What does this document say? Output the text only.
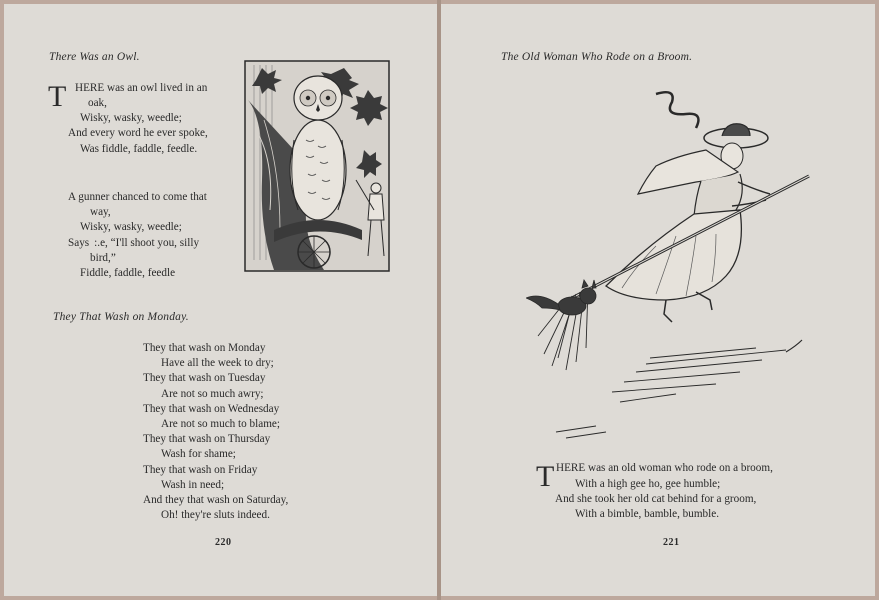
There Was an Owl.
T HERE was an owl lived in an
oak,
Wisky, wasky, weedle;
And every word he ever spoke,
Was fiddle, faddle, feedle.
A gunner chanced to come that
way,
Wisky, wasky, weedle;
Says  :.e, “I'll shoot you, silly
bird,”
Fiddle, faddle, feedle
They That Wash on Monday.
They that wash on Monday
Have all the week to dry;
They that wash on Tuesday
Are not so much awry;
They that wash on Wednesday
Are not so much to blame;
They that wash on Thursday
Wash for shame;
They that wash on Friday
Wash in need;
And they that wash on Saturday,
Oh! they're sluts indeed.
220
The Old Woman Who Rode on a Broom.
T HERE was an old woman who rode on a broom,
With a high gee ho, gee humble;
And she took her old cat behind for a groom,
With a bimble, bamble, bumble.
221
